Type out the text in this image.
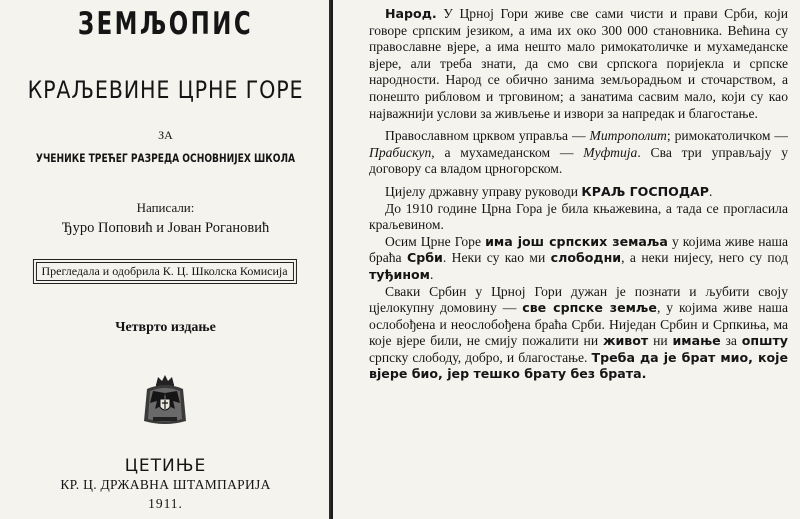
ЗЕМЉОПИС
КРАЉЕВИНЕ ЦРНЕ ГОРЕ
ЗА
УЧЕНИКЕ ТРЕЋЕГ РАЗРЕДА ОСНОВНИЈЕХ ШКОЛА
Написали:
Ђуро Поповић и Јован Рогановић
Прегледала и одобрила К. Ц. Школска Комисија
Четврто издање
ЦЕТИЊЕ
КР. Ц. ДРЖАВНА ШТАМПАРИЈА
1911.

Народ. У Црној Гори живе све сами чисти и прави Срби, који говоре српским језиком, а има их око 300 000 становника. Већина су православне вјере, а има нешто мало римокатоличке и мухамеданске вјере, али треба знати, да смо сви српскога поријекла и српске народности. Народ се обично занима земљорадњом и сточарством, а понешто рибловом и трговином; а занатима сасвим мало, који су као најважнији услови за живљење и извори за напредак и благостање.

Православном црквом управља — Митрополит; римокатоличком — Прабискуп, а мухамеданском — Муфтија. Сва три управљају у договору са владом црногорском.

Цијелу државну управу руководи КРАЉ ГОСПОДАР.

До 1910 године Црна Гора је била књажевина, а тада се прогласила краљевином.

Осим Црне Горе има још српских земаља у којима живе наша браћа Срби. Неки су као ми слободни, а неки нијесу, него су под туђином.

Сваки Србин у Црној Гори дужан је познати и љубити своју цјелокупну домовину — све српске земље, у којима живе наша ослобођена и неослобођена браћа Срби. Ниједан Србин и Српкиња, ма које вјере били, не смију пожалити ни живот ни имање за општу српску слободу, добро, и благостање. Треба да је брат мио, које вјере био, јер тешко брату без брата.
